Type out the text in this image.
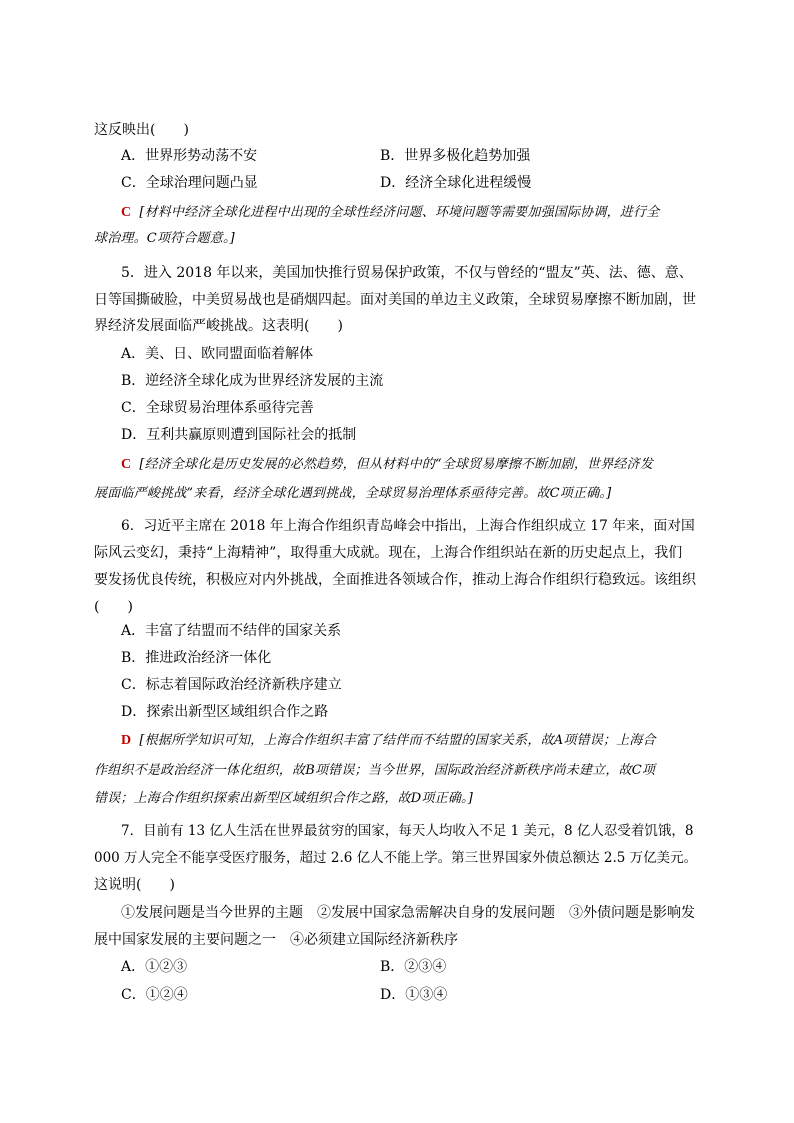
这反映出(　　)
A．世界形势动荡不安	B．世界多极化趋势加强
C．全球治理问题凸显	D．经济全球化进程缓慢
C [材料中经济全球化进程中出现的全球性经济问题、环境问题等需要加强国际协调，进行全
球治理。C项符合题意。]
5．进入 2018 年以来，美国加快推行贸易保护政策，不仅与曾经的“盟友”英、法、德、意、
日等国撕破脸，中美贸易战也是硝烟四起。面对美国的单边主义政策，全球贸易摩擦不断加剧，世
界经济发展面临严峻挑战。这表明(　　)
A．美、日、欧同盟面临着解体
B．逆经济全球化成为世界经济发展的主流
C．全球贸易治理体系亟待完善
D．互利共赢原则遭到国际社会的抵制
C [经济全球化是历史发展的必然趋势，但从材料中的“全球贸易摩擦不断加剧，世界经济发
展面临严峻挑战”来看，经济全球化遇到挑战，全球贸易治理体系亟待完善。故C项正确。]
6．习近平主席在 2018 年上海合作组织青岛峰会中指出，上海合作组织成立 17 年来，面对国
际风云变幻，秉持“上海精神”，取得重大成就。现在，上海合作组织站在新的历史起点上，我们
要发扬优良传统，积极应对内外挑战，全面推进各领域合作，推动上海合作组织行稳致远。该组织
(　　)
A．丰富了结盟而不结伴的国家关系
B．推进政治经济一体化
C．标志着国际政治经济新秩序建立
D．探索出新型区域组织合作之路
D [根据所学知识可知，上海合作组织丰富了结伴而不结盟的国家关系，故A项错误；上海合
作组织不是政治经济一体化组织，故B项错误；当今世界，国际政治经济新秩序尚未建立，故C项
错误；上海合作组织探索出新型区域组织合作之路，故D项正确。]
7．目前有 13 亿人生活在世界最贫穷的国家，每天人均收入不足 1 美元，8 亿人忍受着饥饿，8
000 万人完全不能享受医疗服务，超过 2.6 亿人不能上学。第三世界国家外债总额达 2.5 万亿美元。
这说明(　　)
①发展问题是当今世界的主题　②发展中国家急需解决自身的发展问题　③外债问题是影响发
展中国家发展的主要问题之一　④必须建立国际经济新秩序
A．①②③	B．②③④
C．①②④	D．①③④
